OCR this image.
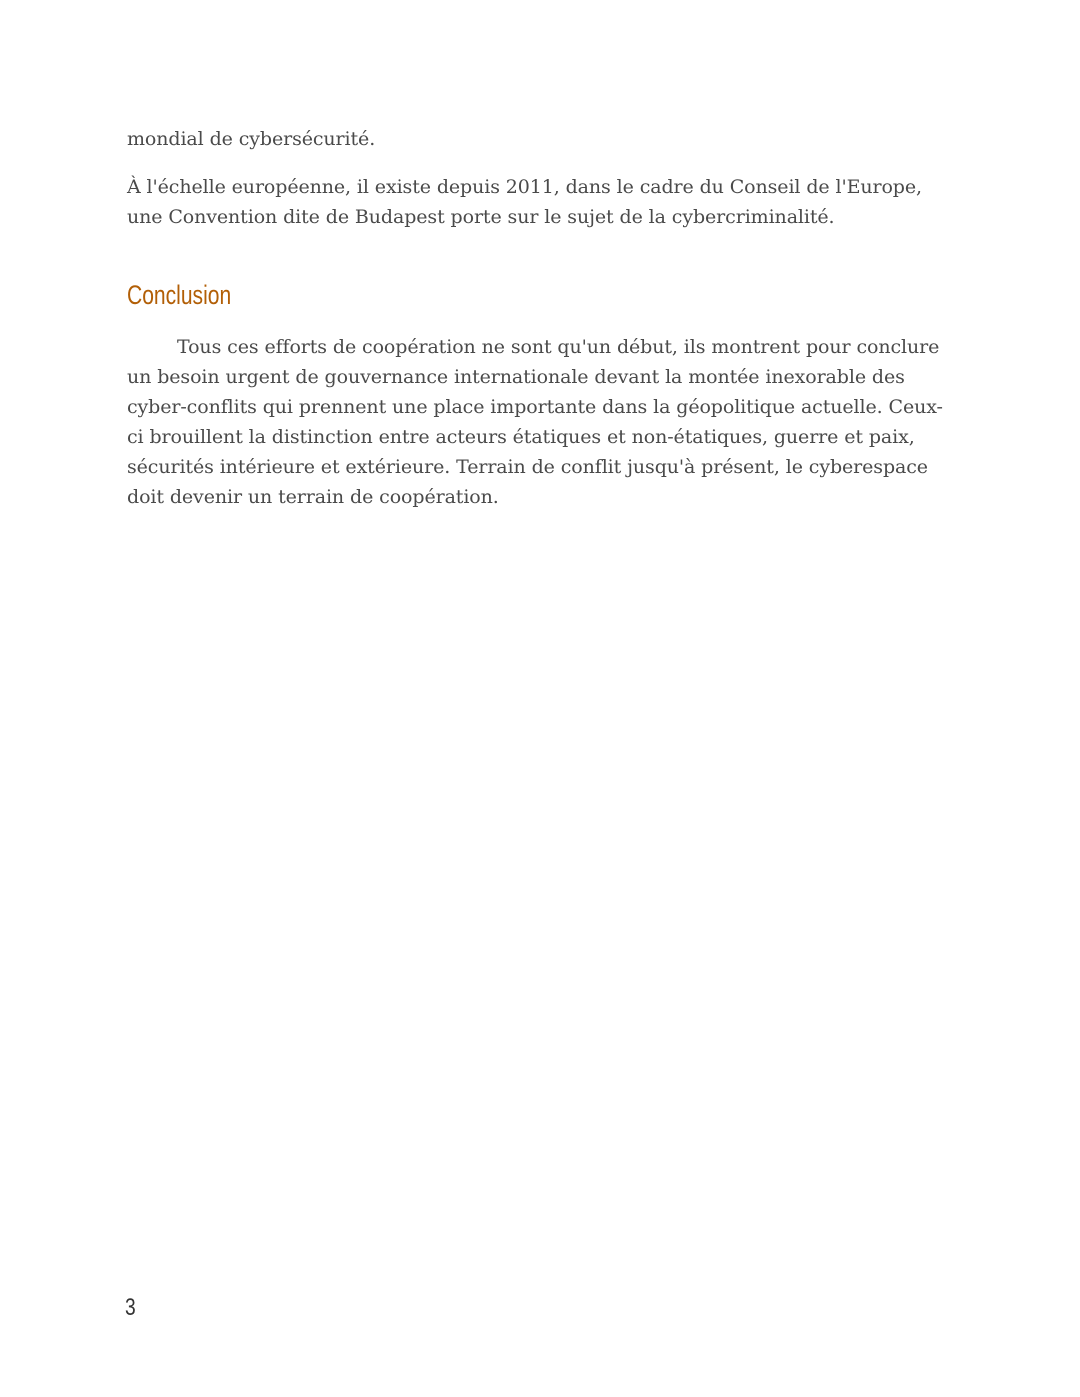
mondial de cybersécurité.

À l'échelle européenne, il existe depuis 2011, dans le cadre du Conseil de l'Europe, une Convention dite de Budapest porte sur le sujet de la cybercriminalité.

Conclusion

Tous ces efforts de coopération ne sont qu'un début, ils montrent pour conclure un besoin urgent de gouvernance internationale devant la montée inexorable des cyber-conflits qui prennent une place importante dans la géopolitique actuelle. Ceux-ci brouillent la distinction entre acteurs étatiques et non-étatiques, guerre et paix, sécurités intérieure et extérieure. Terrain de conflit jusqu'à présent, le cyberespace doit devenir un terrain de coopération.

3
